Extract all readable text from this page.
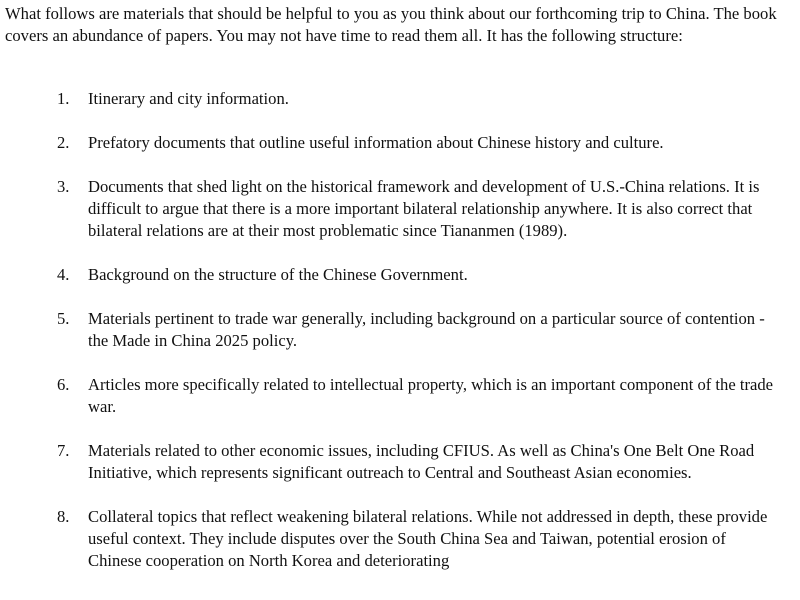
What follows are materials that should be helpful to you as you think about our forthcoming trip to China. The book covers an abundance of papers. You may not have time to read them all. It has the following structure:

1. Itinerary and city information.
2. Prefatory documents that outline useful information about Chinese history and culture.
3. Documents that shed light on the historical framework and development of U.S.-China relations. It is difficult to argue that there is a more important bilateral relationship anywhere. It is also correct that bilateral relations are at their most problematic since Tiananmen (1989).
4. Background on the structure of the Chinese Government.
5. Materials pertinent to trade war generally, including background on a particular source of contention - the Made in China 2025 policy.
6. Articles more specifically related to intellectual property, which is an important component of the trade war.
7. Materials related to other economic issues, including CFIUS. As well as China's One Belt One Road Initiative, which represents significant outreach to Central and Southeast Asian economies.
8. Collateral topics that reflect weakening bilateral relations. While not addressed in depth, these provide useful context. They include disputes over the South China Sea and Taiwan, potential erosion of Chinese cooperation on North Korea and deteriorating
